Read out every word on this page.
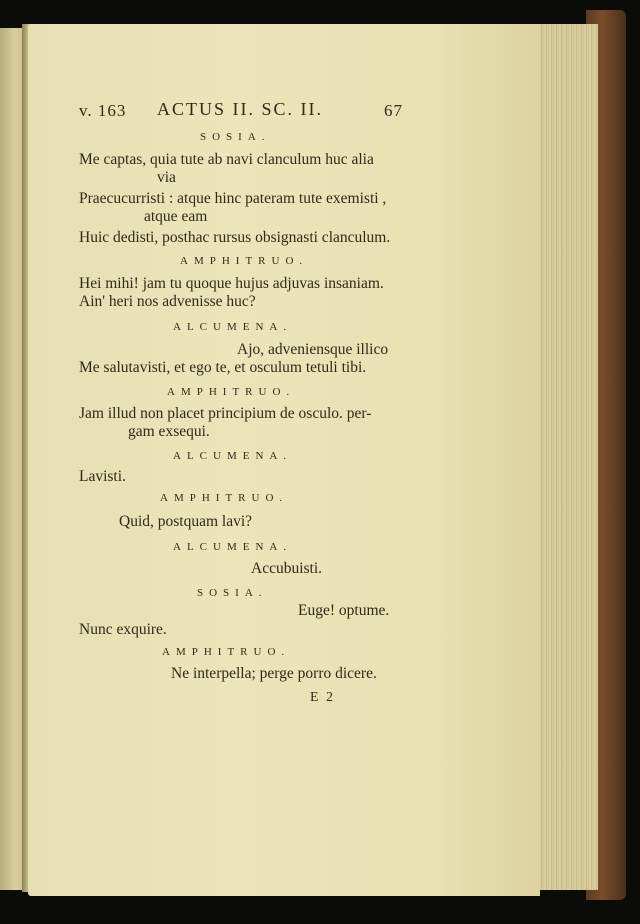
v. 163 ACTUS II. SC. II.	67
SOSIA.
Me captas, quia tute ab navi clanculum huc alia
via
Praecucurristi : atque hinc pateram tute exemisti ,
atque eam
Huic dedisti, posthac rursus obsignasti clanculum.
AMPHITRUO.
Hei mihi! jam tu quoque hujus adjuvas insaniam.
Ain' heri nos advenisse huc?
ALCUMENA.
Ajo, adveniensque illico
Me salutavisti, et ego te, et osculum tetuli tibi.
AMPHITRUO.
Jam illud non placet principium de osculo. per-
gam exsequi.
ALCUMENA.
Lavisti.
AMPHITRUO.
Quid, postquam lavi?
ALCUMENA.
Accubuisti.
SOSIA.
Euge! optume.
Nunc exquire.
AMPHITRUO.
Ne interpella; perge porro dicere.
E 2
